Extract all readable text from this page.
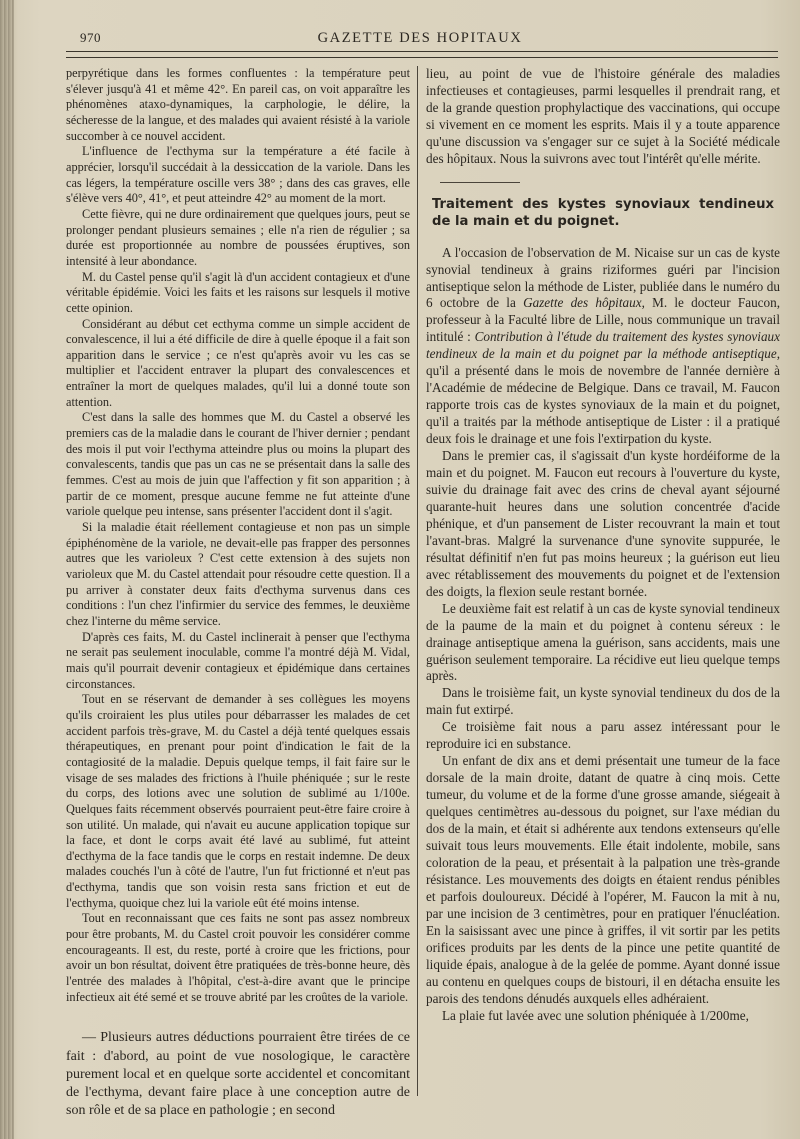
970	GAZETTE DES HOPITAUX

perpyrétique dans les formes confluentes : la température peut s'élever jusqu'à 41 et même 42°. En pareil cas, on voit apparaître les phénomènes ataxo-dynamiques, la carphologie, le délire, la sécheresse de la langue, et des malades qui avaient résisté à la variole succomber à ce nouvel accident.

L'influence de l'ecthyma sur la température a été facile à apprécier, lorsqu'il succédait à la dessiccation de la variole. Dans les cas légers, la température oscille vers 38° ; dans des cas graves, elle s'élève vers 40°, 41°, et peut atteindre 42° au moment de la mort.

Cette fièvre, qui ne dure ordinairement que quelques jours, peut se prolonger pendant plusieurs semaines ; elle n'a rien de régulier ; sa durée est proportionnée au nombre de poussées éruptives, son intensité à leur abondance.

M. du Castel pense qu'il s'agit là d'un accident contagieux et d'une véritable épidémie. Voici les faits et les raisons sur lesquels il motive cette opinion.

Considérant au début cet ecthyma comme un simple accident de convalescence, il lui a été difficile de dire à quelle époque il a fait son apparition dans le service ; ce n'est qu'après avoir vu les cas se multiplier et l'accident entraver la plupart des convalescences et entraîner la mort de quelques malades, qu'il lui a donné toute son attention.

C'est dans la salle des hommes que M. du Castel a observé les premiers cas de la maladie dans le courant de l'hiver dernier ; pendant des mois il put voir l'ecthyma atteindre plus ou moins la plupart des convalescents, tandis que pas un cas ne se présentait dans la salle des femmes. C'est au mois de juin que l'affection y fit son apparition ; à partir de ce moment, presque aucune femme ne fut atteinte d'une variole quelque peu intense, sans présenter l'accident dont il s'agit.

Si la maladie était réellement contagieuse et non pas un simple épiphénomène de la variole, ne devait-elle pas frapper des personnes autres que les varioleux ? C'est cette extension à des sujets non varioleux que M. du Castel attendait pour résoudre cette question. Il a pu arriver à constater deux faits d'ecthyma survenus dans ces conditions : l'un chez l'infirmier du service des femmes, le deuxième chez l'interne du même service.

D'après ces faits, M. du Castel inclinerait à penser que l'ecthyma ne serait pas seulement inoculable, comme l'a montré déjà M. Vidal, mais qu'il pourrait devenir contagieux et épidémique dans certaines circonstances.

Tout en se réservant de demander à ses collègues les moyens qu'ils croiraient les plus utiles pour débarrasser les malades de cet accident parfois très-grave, M. du Castel a déjà tenté quelques essais thérapeutiques, en prenant pour point d'indication le fait de la contagiosité de la maladie. Depuis quelque temps, il fait faire sur le visage de ses malades des frictions à l'huile phéniquée ; sur le reste du corps, des lotions avec une solution de sublimé au 1/100e. Quelques faits récemment observés pourraient peut-être faire croire à son utilité. Un malade, qui n'avait eu aucune application topique sur la face, et dont le corps avait été lavé au sublimé, fut atteint d'ecthyma de la face tandis que le corps en restait indemne. De deux malades couchés l'un à côté de l'autre, l'un fut frictionné et n'eut pas d'ecthyma, tandis que son voisin resta sans friction et eut de l'ecthyma, quoique chez lui la variole eût été moins intense.

Tout en reconnaissant que ces faits ne sont pas assez nombreux pour être probants, M. du Castel croit pouvoir les considérer comme encourageants. Il est, du reste, porté à croire que les frictions, pour avoir un bon résultat, doivent être pratiquées de très-bonne heure, dès l'entrée des malades à l'hôpital, c'est-à-dire avant que le principe infectieux ait été semé et se trouve abrité par les croûtes de la variole.

— Plusieurs autres déductions pourraient être tirées de ce fait : d'abord, au point de vue nosologique, le caractère purement local et en quelque sorte accidentel et concomitant de l'ecthyma, devant faire place à une conception autre de son rôle et de sa place en pathologie ; en second

lieu, au point de vue de l'histoire générale des maladies infectieuses et contagieuses, parmi lesquelles il prendrait rang, et de la grande question prophylactique des vaccinations, qui occupe si vivement en ce moment les esprits. Mais il y a toute apparence qu'une discussion va s'engager sur ce sujet à la Société médicale des hôpitaux. Nous la suivrons avec tout l'intérêt qu'elle mérite.

Traitement des kystes synoviaux tendineux de la main et du poignet.

A l'occasion de l'observation de M. Nicaise sur un cas de kyste synovial tendineux à grains riziformes guéri par l'incision antiseptique selon la méthode de Lister, publiée dans le numéro du 6 octobre de la Gazette des hôpitaux, M. le docteur Faucon, professeur à la Faculté libre de Lille, nous communique un travail intitulé : Contribution à l'étude du traitement des kystes synoviaux tendineux de la main et du poignet par la méthode antiseptique, qu'il a présenté dans le mois de novembre de l'année dernière à l'Académie de médecine de Belgique. Dans ce travail, M. Faucon rapporte trois cas de kystes synoviaux de la main et du poignet, qu'il a traités par la méthode antiseptique de Lister : il a pratiqué deux fois le drainage et une fois l'extirpation du kyste.

Dans le premier cas, il s'agissait d'un kyste hordéiforme de la main et du poignet. M. Faucon eut recours à l'ouverture du kyste, suivie du drainage fait avec des crins de cheval ayant séjourné quarante-huit heures dans une solution concentrée d'acide phénique, et d'un pansement de Lister recouvrant la main et tout l'avant-bras. Malgré la survenance d'une synovite suppurée, le résultat définitif n'en fut pas moins heureux ; la guérison eut lieu avec rétablissement des mouvements du poignet et de l'extension des doigts, la flexion seule restant bornée.

Le deuxième fait est relatif à un cas de kyste synovial tendineux de la paume de la main et du poignet à contenu séreux : le drainage antiseptique amena la guérison, sans accidents, mais une guérison seulement temporaire. La récidive eut lieu quelque temps après.

Dans le troisième fait, un kyste synovial tendineux du dos de la main fut extirpé.

Ce troisième fait nous a paru assez intéressant pour le reproduire ici en substance.

Un enfant de dix ans et demi présentait une tumeur de la face dorsale de la main droite, datant de quatre à cinq mois. Cette tumeur, du volume et de la forme d'une grosse amande, siégeait à quelques centimètres au-dessous du poignet, sur l'axe médian du dos de la main, et était si adhérente aux tendons extenseurs qu'elle suivait tous leurs mouvements. Elle était indolente, mobile, sans coloration de la peau, et présentait à la palpation une très-grande résistance. Les mouvements des doigts en étaient rendus pénibles et parfois douloureux. Décidé à l'opérer, M. Faucon la mit à nu, par une incision de 3 centimètres, pour en pratiquer l'énucléation. En la saisissant avec une pince à griffes, il vit sortir par les petits orifices produits par les dents de la pince une petite quantité de liquide épais, analogue à de la gelée de pomme. Ayant donné issue au contenu en quelques coups de bistouri, il en détacha ensuite les parois des tendons dénudés auxquels elles adhéraient.

La plaie fut lavée avec une solution phéniquée à 1/200me,
